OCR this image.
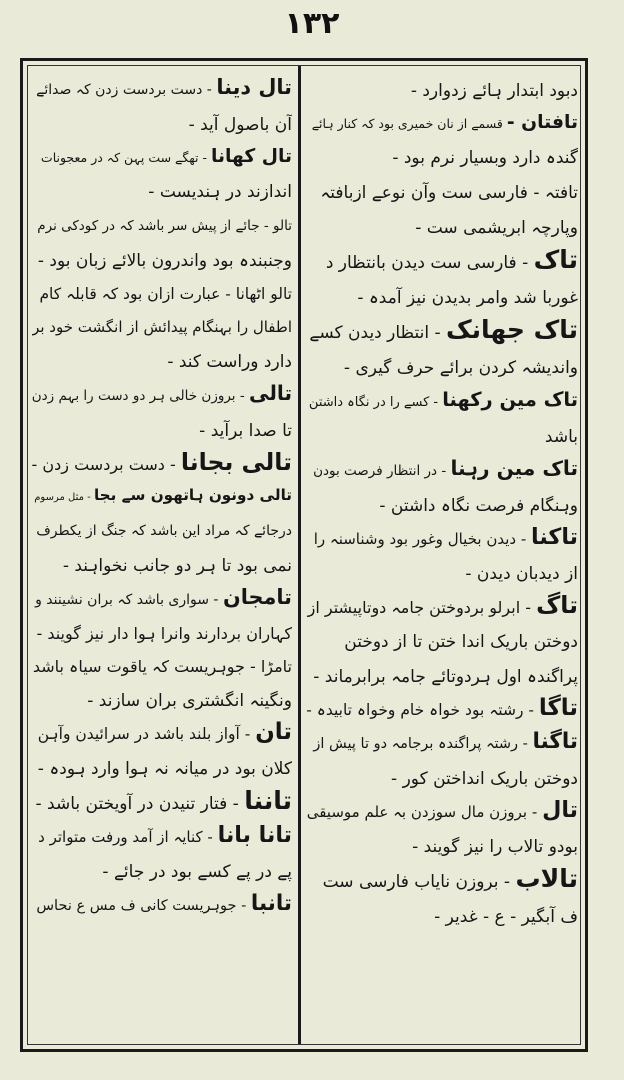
۱۳۲
دبود ابتدار ہائے زدوارد -
تافتان - قسمے از نان خمیری بود کہ کنار ہائے
گندہ دارد وبسیار نرم بود -
تافتہ - فارسی ست وآن نوعے ازبافتہ
وپارچہ ابریشمی ست -
تاک - فارسی ست دیدن بانتظار د
غوربا شد وامر بدیدن نیز آمدہ -
تاک جھانک - انتظار دیدن کسے
واندیشہ کردن برائے حرف گیری -
تاک مین رکھنا - کسے را در نگاہ داشتن
باشد
تاک مین رہنا - در انتظار فرصت بودن
وہنگام فرصت نگاہ داشتن -
تاکنا - دیدن بخیال وغور بود وشناسنہ را
از دیدبان دیدن -
تاگ - ابرلو بردوختن جامہ دوتاپیشتر از
دوختن باریک اندا ختن تا از دوختن
پراگندہ اول ہردوتائے جامہ برابرماند -
تاگا - رشتہ بود خواہ خام وخواہ تابیدہ -
تاگنا - رشتہ پراگندہ برجامہ دو تا پیش از
دوختن باریک انداختن کور -
تال - بروزن مال سوزدن بہ علم موسیقی
بودو تالاب را نیز گویند -
تالاب - بروزن نایاب فارسی ست
ف آبگیر - ع - غدیر -
تال دینا - دست بردست زدن کہ صدائے
آن باصول آید -
تال کھانا - تھگے ست پہن کہ در معجونات
اندازند در ہندیست -
تالو - جائے از پیش سر باشد کہ در کودکی نرم
وجنبندہ بود واندرون بالائے زبان بود -
تالو اٹھانا - عبارت ازان بود کہ قابلہ کام
اطفال را بہنگام پیدائش از انگشت خود بر
دارد وراست کند -
تالی - بروزن خالی ہر دو دست را بہم زدن
تا صدا برآید -
تالی بجانا - دست بردست زدن -
تالی دونون ہاتھون سے بجا - مثل مرسوم
درجائے کہ مراد این باشد کہ جنگ از یکطرف
نمی بود تا ہر دو جانب نخواہند -
تامجان - سواری باشد کہ بران نشینند و
کہاران بردارند وانرا ہوا دار نیز گویند -
تامڑا - جوہریست کہ یاقوت سیاہ باشد
ونگینہ انگشتری بران سازند -
تان - آواز بلند باشد در سرائیدن وآہن
کلان بود در میانہ نہ ہوا وارد ہودہ -
تاننا - فتار تنیدن در آویختن باشد -
تانا بانا - کنایہ از آمد ورفت متواتر د
پے در پے کسے بود در جائے -
تانبا - جوہریست کانی ف مس ع نحاس
